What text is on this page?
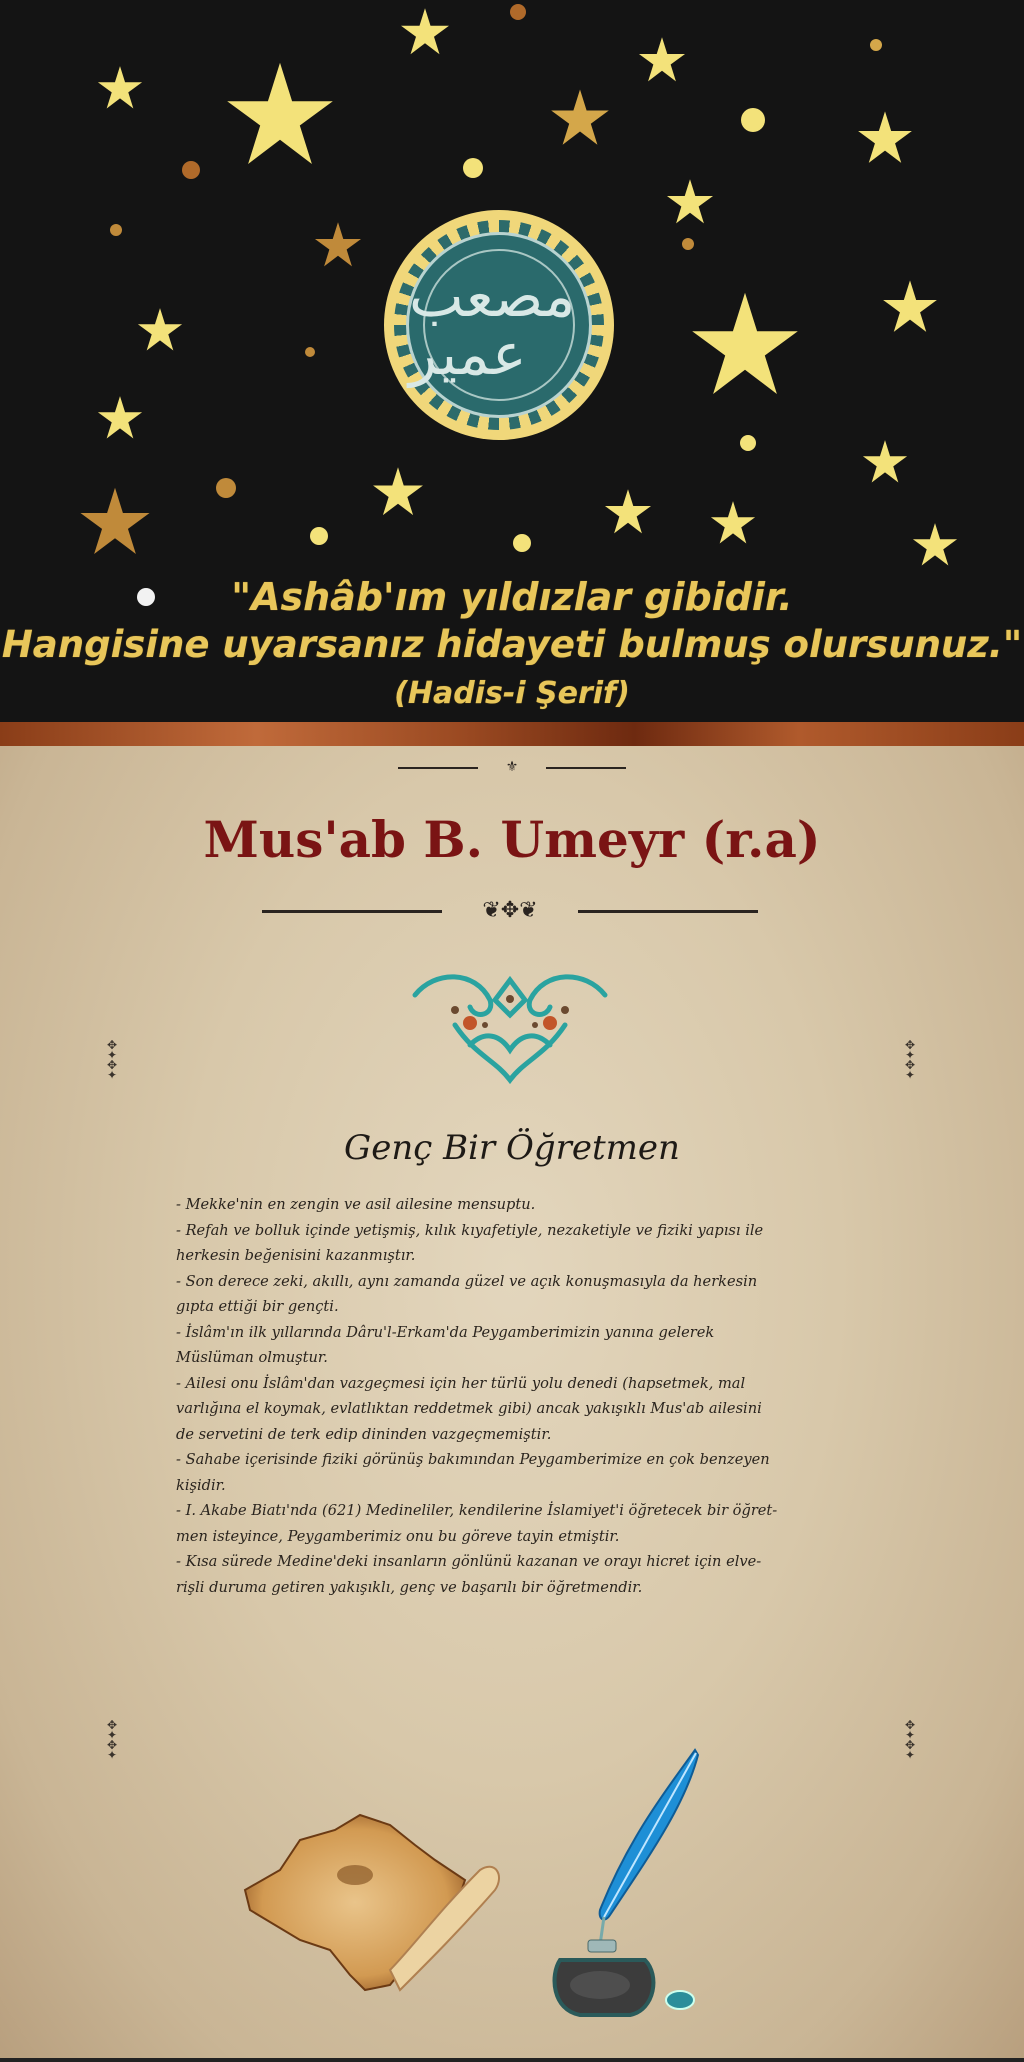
مصعب عمير
"Ashâb'ım yıldızlar gibidir.
Hangisine uyarsanız hidayeti bulmuş olursunuz."
(Hadis-i Şerif)
⚜
Mus'ab B. Umeyr (r.a)
❦✥❦
✥
✦
✥
✦
✥
✦
✥
✦
✥
✦
✥
✦
✥
✦
✥
✦
Genç Bir Öğretmen

- Mekke'nin en zengin ve asil ailesine mensuptu.

- Refah ve bolluk içinde yetişmiş, kılık kıyafetiyle, nezaketiyle ve fiziki yapısı ile

herkesin beğenisini kazanmıştır.

- Son derece zeki, akıllı, aynı zamanda güzel ve açık konuşmasıyla da herkesin

gıpta ettiği bir gençti.

- İslâm'ın ilk yıllarında Dâru'l-Erkam'da Peygamberimizin yanına gelerek

Müslüman olmuştur.

- Ailesi onu İslâm'dan vazgeçmesi için her türlü yolu denedi (hapsetmek, mal

varlığına el koymak, evlatlıktan reddetmek gibi) ancak yakışıklı Mus'ab ailesini

de servetini de terk edip dininden vazgeçmemiştir.

- Sahabe içerisinde fiziki görünüş bakımından Peygamberimize en çok benzeyen

kişidir.

- I. Akabe Biatı'nda (621) Medineliler, kendilerine İslamiyet'i öğretecek bir öğret-

men isteyince, Peygamberimiz onu bu göreve tayin etmiştir.

- Kısa sürede Medine'deki insanların gönlünü kazanan ve orayı hicret için elve-

rişli duruma getiren yakışıklı, genç ve başarılı bir öğretmendir.
